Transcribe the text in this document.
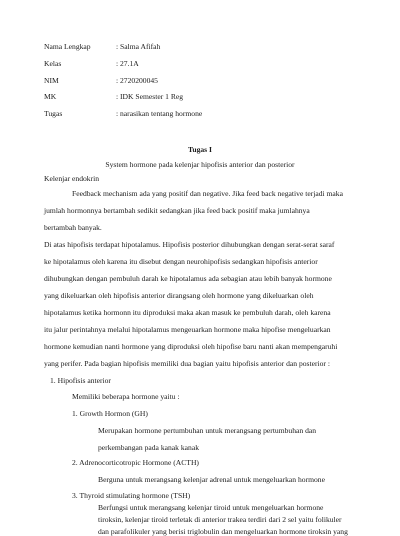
Nama Lengkap	: Salma Afifah
Kelas	: 27.1A
NIM	: 2720200045
MK	: IDK Semester 1 Reg
Tugas	: narasikan tentang hormone
Tugas I
System hormone pada kelenjar hipofisis anterior dan posterior
Kelenjar endokrin
Feedback mechanism ada yang positif dan negative. Jika feed back negative terjadi maka
jumlah hormonnya bertambah sedikit sedangkan jika feed back positif maka jumlahnya
bertambah banyak.
Di atas hipofisis terdapat hipotalamus. Hipofisis posterior dihubungkan dengan serat-serat saraf
ke hipotalamus oleh karena itu disebut dengan neurohipofisis sedangkan hipofisis anterior
dihubungkan dengan pembuluh darah ke hipotalamus ada sebagian atau lebih banyak hormone
yang dikeluarkan oleh hipofisis anterior dirangsang oleh hormone yang dikeluarkan oleh
hipotalamus ketika hormonn itu diproduksi maka akan masuk ke pembuluh darah, oleh karena
itu jalur perintahnya melalui hipotalamus mengeuarkan hormone maka hipofise mengeluarkan
hormone kemudian nanti hormone yang diproduksi oleh hipofise baru nanti akan mempengaruhi
yang perifer. Pada bagian hipofisis memiliki dua bagian yaitu hipofisis anterior dan posterior :
1. Hipofisis anterior
Memiliki beberapa hormone yaitu :
1. Growth Hormon (GH)
Merupakan hormone pertumbuhan untuk merangsang pertumbuhan dan
perkembangan pada kanak kanak
2. Adrenocorticotropic Hormone (ACTH)
Berguna untuk merangsang kelenjar adrenal untuk mengeluarkan hormone
3. Thyroid stimulating hormone (TSH)
Berfungsi untuk merangsang kelenjar tiroid untuk mengeluarkan hormone
tiroksin, kelenjar tiroid terletak di anterior trakea terdiri dari 2 sel yaitu folikuler
dan parafolikuler yang berisi triglobulin dan mengeluarkan hormone tiroksin yang
